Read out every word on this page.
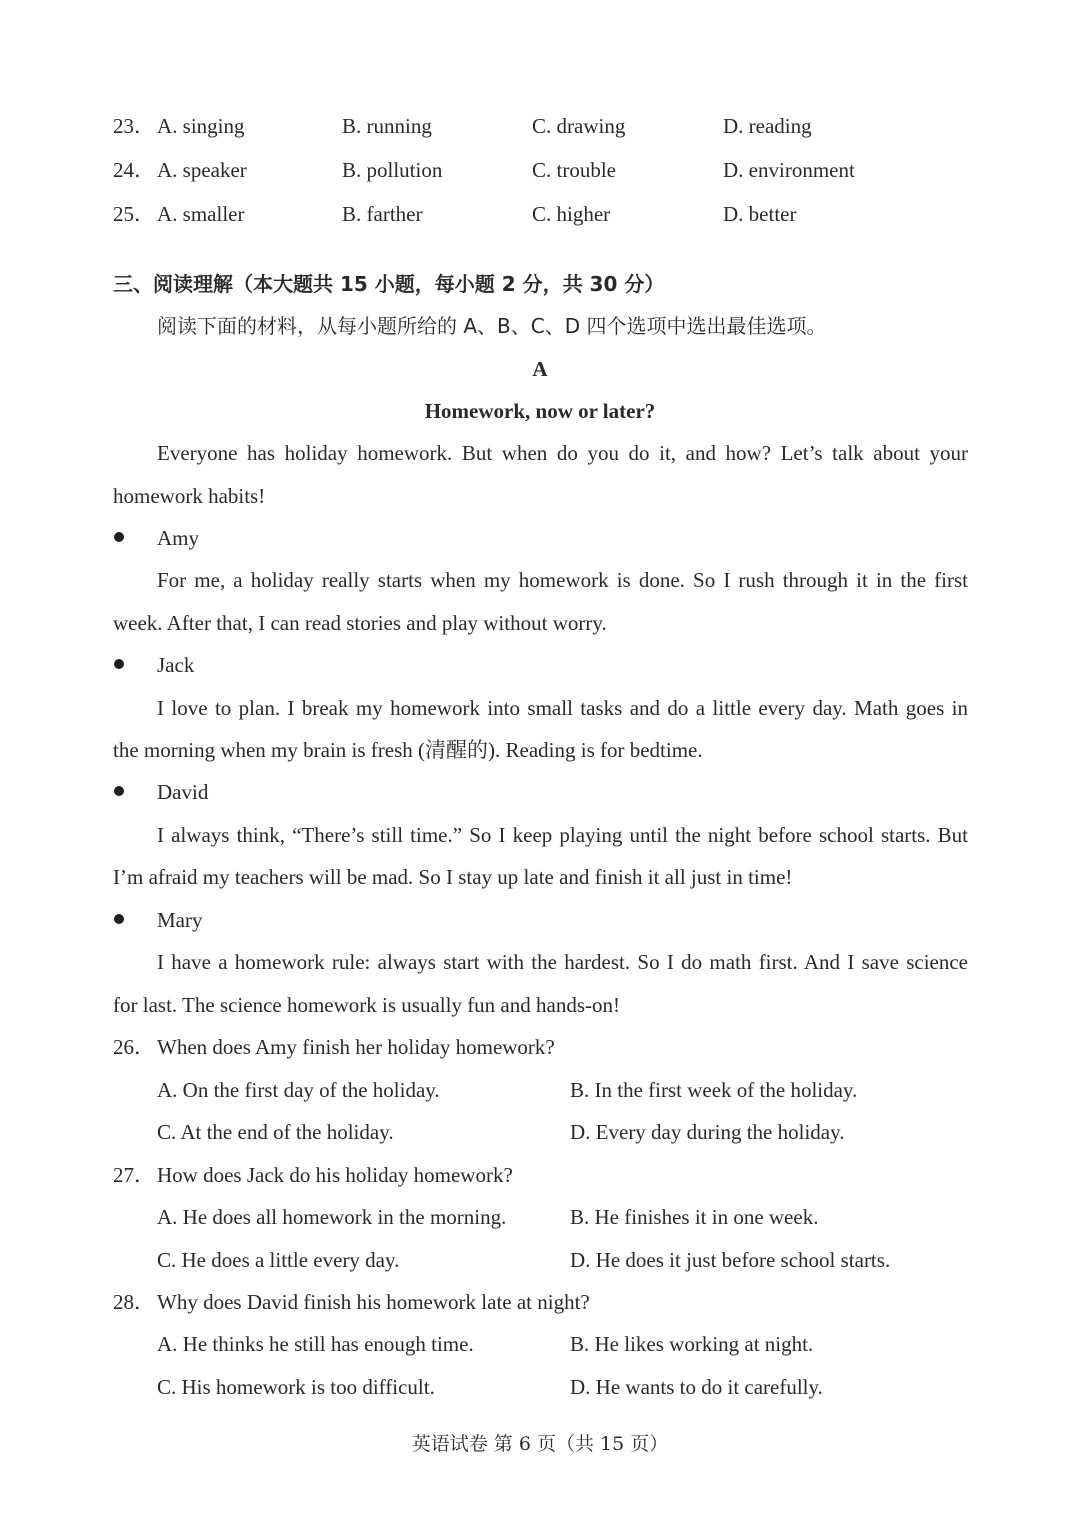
23． A. singing	B. running	C. drawing	D. reading
24． A. speaker	B. pollution	C. trouble	D. environment
25． A. smaller	B. farther	C. higher	D. better
三、阅读理解（本大题共 15 小题，每小题 2 分，共 30 分）
阅读下面的材料，从每小题所给的 A、B、C、D 四个选项中选出最佳选项。
A
Homework, now or later?
Everyone has holiday homework. But when do you do it, and how? Let’s talk about your
homework habits!
Amy
For me, a holiday really starts when my homework is done. So I rush through it in the first
week. After that, I can read stories and play without worry.
Jack
I love to plan. I break my homework into small tasks and do a little every day. Math goes in
the morning when my brain is fresh (清醒的). Reading is for bedtime.
David
I always think, “There’s still time.” So I keep playing until the night before school starts. But
I’m afraid my teachers will be mad. So I stay up late and finish it all just in time!
Mary
I have a homework rule: always start with the hardest. So I do math first. And I save science
for last. The science homework is usually fun and hands-on!
26． When does Amy finish her holiday homework?
A. On the first day of the holiday.	B. In the first week of the holiday.
C. At the end of the holiday.	D. Every day during the holiday.
27． How does Jack do his holiday homework?
A. He does all homework in the morning.	B. He finishes it in one week.
C. He does a little every day.	D. He does it just before school starts.
28． Why does David finish his homework late at night?
A. He thinks he still has enough time.	B. He likes working at night.
C. His homework is too difficult.	D. He wants to do it carefully.
英语试卷 第 6 页（共 15 页）
